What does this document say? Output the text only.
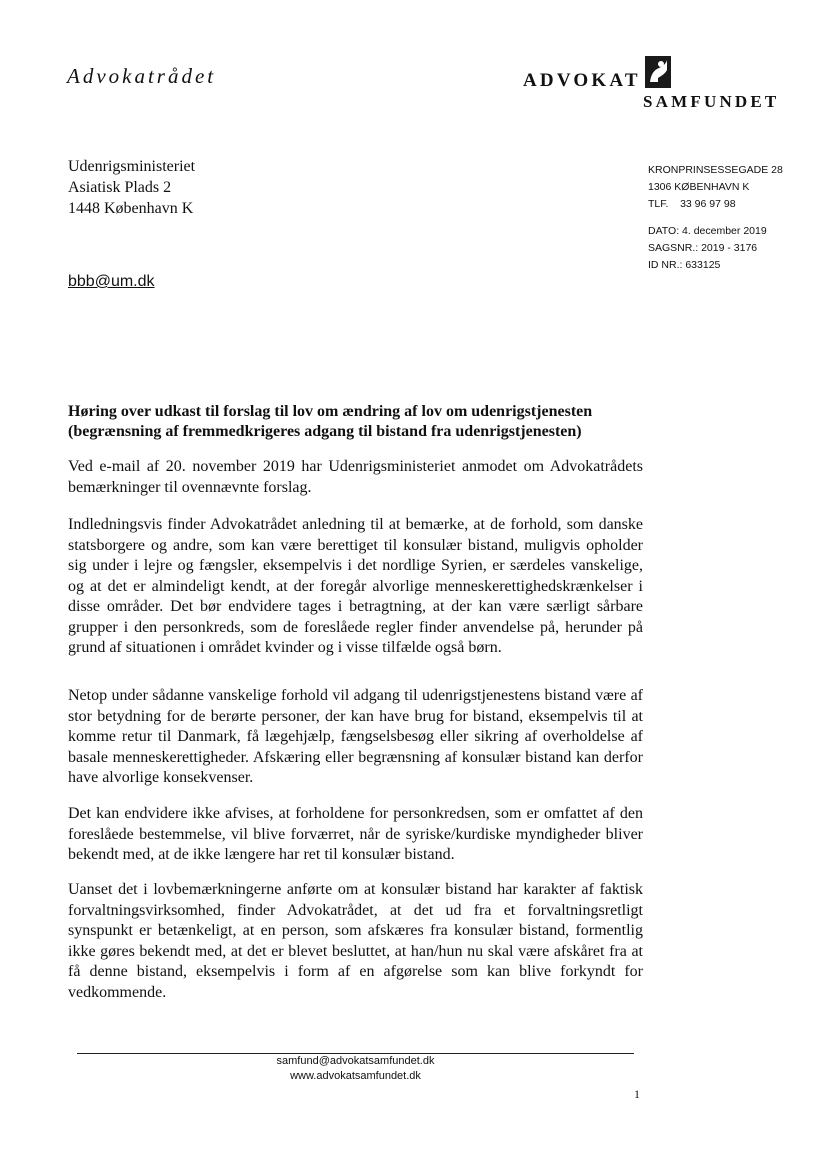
Advokatrådet	ADVOKAT
SAMFUNDET
Udenrigsministeriet
Asiatisk Plads 2
1448 København K
KRONPRINSESSEGADE 28
1306 KØBENHAVN K
TLF.    33 96 97 98
DATO: 4. december 2019
SAGSNR.: 2019 - 3176
ID NR.: 633125
bbb@um.dk
Høring over udkast til forslag til lov om ændring af lov om udenrigstjenesten (begrænsning af fremmedkrigeres adgang til bistand fra udenrigstjenesten)
Ved e-mail af 20. november 2019 har Udenrigsministeriet anmodet om Advokatrådets bemærkninger til ovennævnte forslag.
Indledningsvis finder Advokatrådet anledning til at bemærke, at de forhold, som danske statsborgere og andre, som kan være berettiget til konsulær bistand, muligvis opholder sig under i lejre og fængsler, eksempelvis i det nordlige Syrien, er særdeles vanskelige, og at det er almindeligt kendt, at der foregår alvorlige menneskerettighedskrænkelser i disse områder. Det bør endvidere tages i betragtning, at der kan være særligt sårbare grupper i den personkreds, som de foreslåede regler finder anvendelse på, herunder på grund af situationen i området kvinder og i visse tilfælde også børn.
Netop under sådanne vanskelige forhold vil adgang til udenrigstjenestens bistand være af stor betydning for de berørte personer, der kan have brug for bistand, eksempelvis til at komme retur til Danmark, få lægehjælp, fængselsbesøg eller sikring af overholdelse af basale menneskerettigheder. Afskæring eller begrænsning af konsulær bistand kan derfor have alvorlige konsekvenser.
Det kan endvidere ikke afvises, at forholdene for personkredsen, som er omfattet af den foreslåede bestemmelse, vil blive forværret, når de syriske/kurdiske myndigheder bliver bekendt med, at de ikke længere har ret til konsulær bistand.
Uanset det i lovbemærkningerne anførte om at konsulær bistand har karakter af faktisk forvaltningsvirksomhed, finder Advokatrådet, at det ud fra et forvaltningsretligt synspunkt er betænkeligt, at en person, som afskæres fra konsulær bistand, formentlig ikke gøres bekendt med, at det er blevet besluttet, at han/hun nu skal være afskåret fra at få denne bistand, eksempelvis i form af en afgørelse som kan blive forkyndt for vedkommende.
samfund@advokatsamfundet.dk
www.advokatsamfundet.dk
1
